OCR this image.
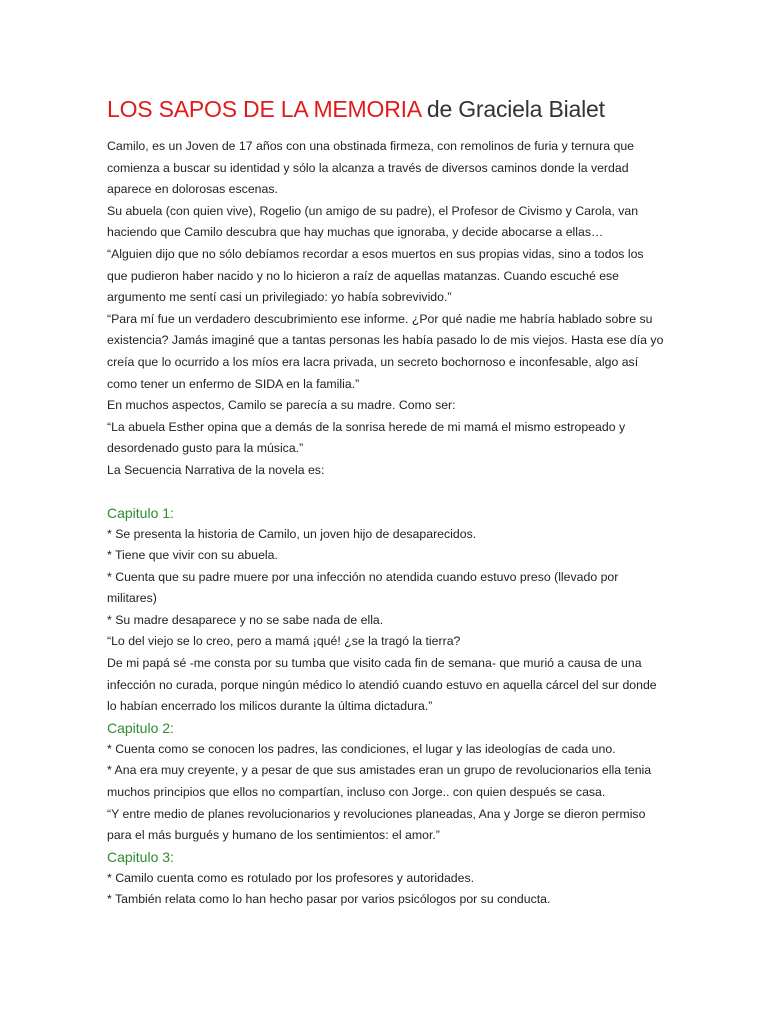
LOS SAPOS DE LA MEMORIA de Graciela Bialet

Camilo, es un Joven de 17 años con una obstinada firmeza, con remolinos de furia y ternura que comienza a buscar su identidad y sólo la alcanza a través de diversos caminos donde la verdad aparece en dolorosas escenas.

Su abuela (con quien vive), Rogelio (un amigo de su padre), el Profesor de Civismo y Carola, van haciendo que Camilo descubra que hay muchas que ignoraba, y decide abocarse a ellas…

“Alguien dijo que no sólo debíamos recordar a esos muertos en sus propias vidas, sino a todos los que pudieron haber nacido y no lo hicieron a raíz de aquellas matanzas. Cuando escuché ese argumento me sentí casi un privilegiado: yo había sobrevivido.”

“Para mí fue un verdadero descubrimiento ese informe. ¿Por qué nadie me habría hablado sobre su existencia? Jamás imaginé que a tantas personas les había pasado lo de mis viejos. Hasta ese día yo creía que lo ocurrido a los míos era lacra privada, un secreto bochornoso e inconfesable, algo así como tener un enfermo de SIDA en la familia.”

En muchos aspectos, Camilo se parecía a su madre. Como ser:

“La abuela Esther opina que a demás de la sonrisa herede de mi mamá el mismo estropeado y desordenado gusto para la música.”

La Secuencia Narrativa de la novela es:

Capitulo 1:

* Se presenta la historia de Camilo, un joven hijo de desaparecidos.

* Tiene que vivir con su abuela.

* Cuenta que su padre muere por una infección no atendida cuando estuvo preso (llevado por militares)

* Su madre desaparece y no se sabe nada de ella.

“Lo del viejo se lo creo, pero a mamá ¡qué! ¿se la tragó la tierra?

De mi papá sé -me consta por su tumba que visito cada fin de semana- que murió a causa de una infección no curada, porque ningún médico lo atendió cuando estuvo en aquella cárcel del sur donde lo habían encerrado los milicos durante la última dictadura.”

Capitulo 2:

* Cuenta como se conocen los padres, las condiciones, el lugar y las ideologías de cada uno.

* Ana era muy creyente, y a pesar de que sus amistades eran un grupo de revolucionarios ella tenia muchos principios que ellos no compartían, incluso con Jorge.. con quien después se casa.

“Y entre medio de planes revolucionarios y revoluciones planeadas, Ana y Jorge se dieron permiso para el más burgués y humano de los sentimientos: el amor.”

Capitulo 3:

* Camilo cuenta como es rotulado por los profesores y autoridades.

* También relata como lo han hecho pasar por varios psicólogos por su conducta.
